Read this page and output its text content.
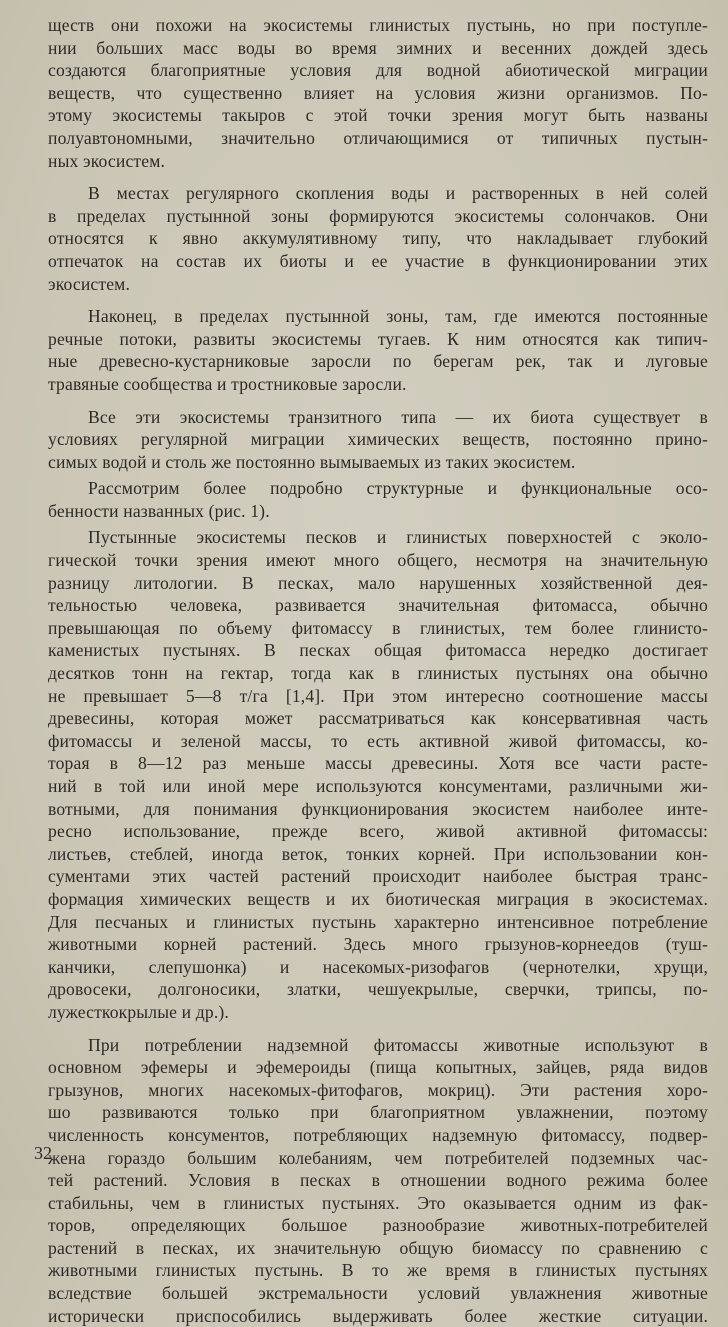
ществ они похожи на экосистемы глинистых пустынь, но при поступле-
нии больших масс воды во время зимних и весенних дождей здесь
создаются благоприятные условия для водной абиотической миграции
веществ, что существенно влияет на условия жизни организмов. По-
этому экосистемы такыров с этой точки зрения могут быть названы
полуавтономными, значительно отличающимися от типичных пустын-
ных экосистем.
В местах регулярного скопления воды и растворенных в ней солей
в пределах пустынной зоны формируются экосистемы солончаков. Они
относятся к явно аккумулятивному типу, что накладывает глубокий
отпечаток на состав их биоты и ее участие в функционировании этих
экосистем.
Наконец, в пределах пустынной зоны, там, где имеются постоянные
речные потоки, развиты экосистемы тугаев. К ним относятся как типич-
ные древесно-кустарниковые заросли по берегам рек, так и луговые
травяные сообщества и тростниковые заросли.
Все эти экосистемы транзитного типа — их биота существует в
условиях регулярной миграции химических веществ, постоянно прино-
симых водой и столь же постоянно вымываемых из таких экосистем.
Рассмотрим более подробно структурные и функциональные осо-
бенности названных (рис. 1).
Пустынные экосистемы песков и глинистых поверхностей с эколо-
гической точки зрения имеют много общего, несмотря на значительную
разницу литологии. В песках, мало нарушенных хозяйственной дея-
тельностью человека, развивается значительная фитомасса, обычно
превышающая по объему фитомассу в глинистых, тем более глинисто-
каменистых пустынях. В песках общая фитомасса нередко достигает
десятков тонн на гектар, тогда как в глинистых пустынях она обычно
не превышает 5—8 т/га [1,4]. При этом интересно соотношение массы
древесины, которая может рассматриваться как консервативная часть
фитомассы и зеленой массы, то есть активной живой фитомассы, ко-
торая в 8—12 раз меньше массы древесины. Хотя все части расте-
ний в той или иной мере используются консументами, различными жи-
вотными, для понимания функционирования экосистем наиболее инте-
ресно использование, прежде всего, живой активной фитомассы:
листьев, стеблей, иногда веток, тонких корней. При использовании кон-
сументами этих частей растений происходит наиболее быстрая транс-
формация химических веществ и их биотическая миграция в экосистемах.
Для песчаных и глинистых пустынь характерно интенсивное потребление
животными корней растений. Здесь много грызунов-корнеедов (туш-
канчики, слепушонка) и насекомых-ризофагов (чернотелки, хрущи,
дровосеки, долгоносики, златки, чешуекрылые, сверчки, трипсы, по-
лужесткокрылые и др.).
При потреблении надземной фитомассы животные используют в
основном эфемеры и эфемероиды (пища копытных, зайцев, ряда видов
грызунов, многих насекомых-фитофагов, мокриц). Эти растения хоро-
шо развиваются только при благоприятном увлажнении, поэтому
численность консументов, потребляющих надземную фитомассу, подвер-
жена гораздо большим колебаниям, чем потребителей подземных час-
тей растений. Условия в песках в отношении водного режима более
стабильны, чем в глинистых пустынях. Это оказывается одним из фак-
торов, определяющих большое разнообразие животных-потребителей
растений в песках, их значительную общую биомассу по сравнению с
животными глинистых пустынь. В то же время в глинистых пустынях
вследствие большей экстремальности условий увлажнения животные
исторически приспособились выдерживать более жесткие ситуации.
32
